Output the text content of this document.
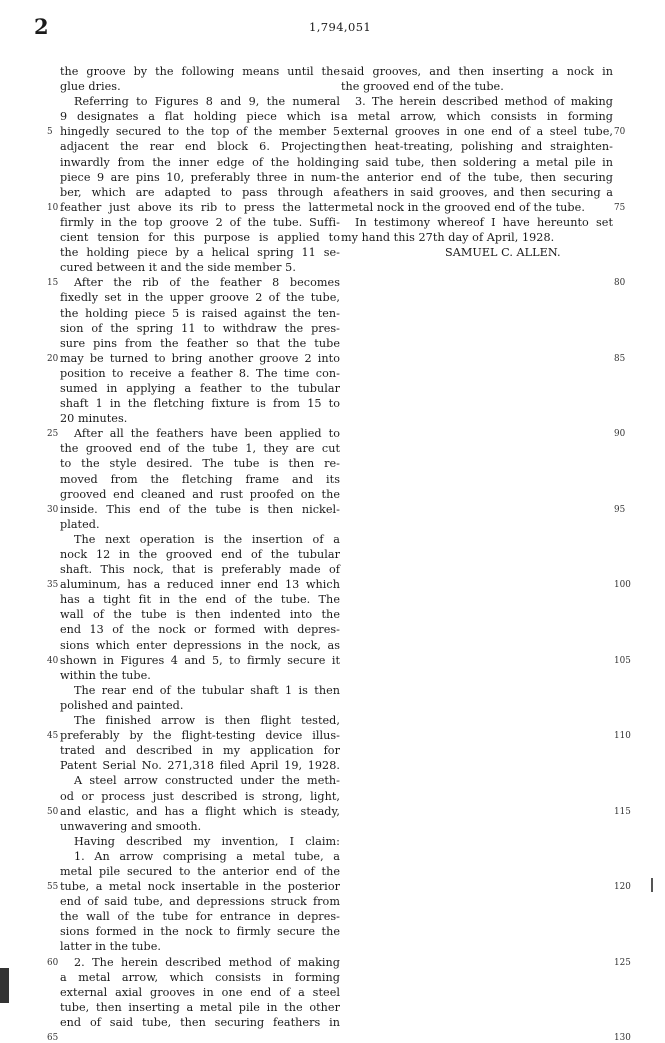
2	1,794,051

the groove by the following means until the

glue dries.

Referring to Figures 8 and 9, the numeral

9 designates a flat holding piece which is

hingedly secured to the top of the member 5

adjacent the rear end block 6. Projecting

inwardly from the inner edge of the holding

piece 9 are pins 10, preferably three in num-

ber, which are adapted to pass through a

feather just above its rib to press the latter

firmly in the top groove 2 of the tube. Suffi-

cient tension for this purpose is applied to

the holding piece by a helical spring 11 se-

cured between it and the side member 5.

After the rib of the feather 8 becomes

fixedly set in the upper groove 2 of the tube,

the holding piece 5 is raised against the ten-

sion of the spring 11 to withdraw the pres-

sure pins from the feather so that the tube

may be turned to bring another groove 2 into

position to receive a feather 8. The time con-

sumed in applying a feather to the tubular

shaft 1 in the fletching fixture is from 15 to

20 minutes.

After all the feathers have been applied to

the grooved end of the tube 1, they are cut

to the style desired. The tube is then re-

moved from the fletching frame and its

grooved end cleaned and rust proofed on the

inside. This end of the tube is then nickel-

plated.

The next operation is the insertion of a

nock 12 in the grooved end of the tubular

shaft. This nock, that is preferably made of

aluminum, has a reduced inner end 13 which

has a tight fit in the end of the tube. The

wall of the tube is then indented into the

end 13 of the nock or formed with depres-

sions which enter depressions in the nock, as

shown in Figures 4 and 5, to firmly secure it

within the tube.

The rear end of the tubular shaft 1 is then

polished and painted.

The finished arrow is then flight tested,

preferably by the flight-testing device illus-

trated and described in my application for

Patent Serial No. 271,318 filed April 19, 1928.

A steel arrow constructed under the meth-

od or process just described is strong, light,

and elastic, and has a flight which is steady,

unwavering and smooth.

Having described my invention, I claim:

1. An arrow comprising a metal tube, a

metal pile secured to the anterior end of the

tube, a metal nock insertable in the posterior

end of said tube, and depressions struck from

the wall of the tube for entrance in depres-

sions formed in the nock to firmly secure the

latter in the tube.

2. The herein described method of making

a metal arrow, which consists in forming

external axial grooves in one end of a steel

tube, then inserting a metal pile in the other

end of said tube, then securing feathers in

said grooves, and then inserting a nock in

the grooved end of the tube.

3. The herein described method of making

a metal arrow, which consists in forming

external grooves in one end of a steel tube,

then heat-treating, polishing and straighten-

ing said tube, then soldering a metal pile in

the anterior end of the tube, then securing

feathers in said grooves, and then securing a

metal nock in the grooved end of the tube.

In testimony whereof I have hereunto set

my hand this 27th day of April, 1928.

SAMUEL C. ALLEN.

5
10
15
20
25
30
35
40
45
50
55
60
65
70
75
80
85
90
95
100
105
110
115
120
125
130
